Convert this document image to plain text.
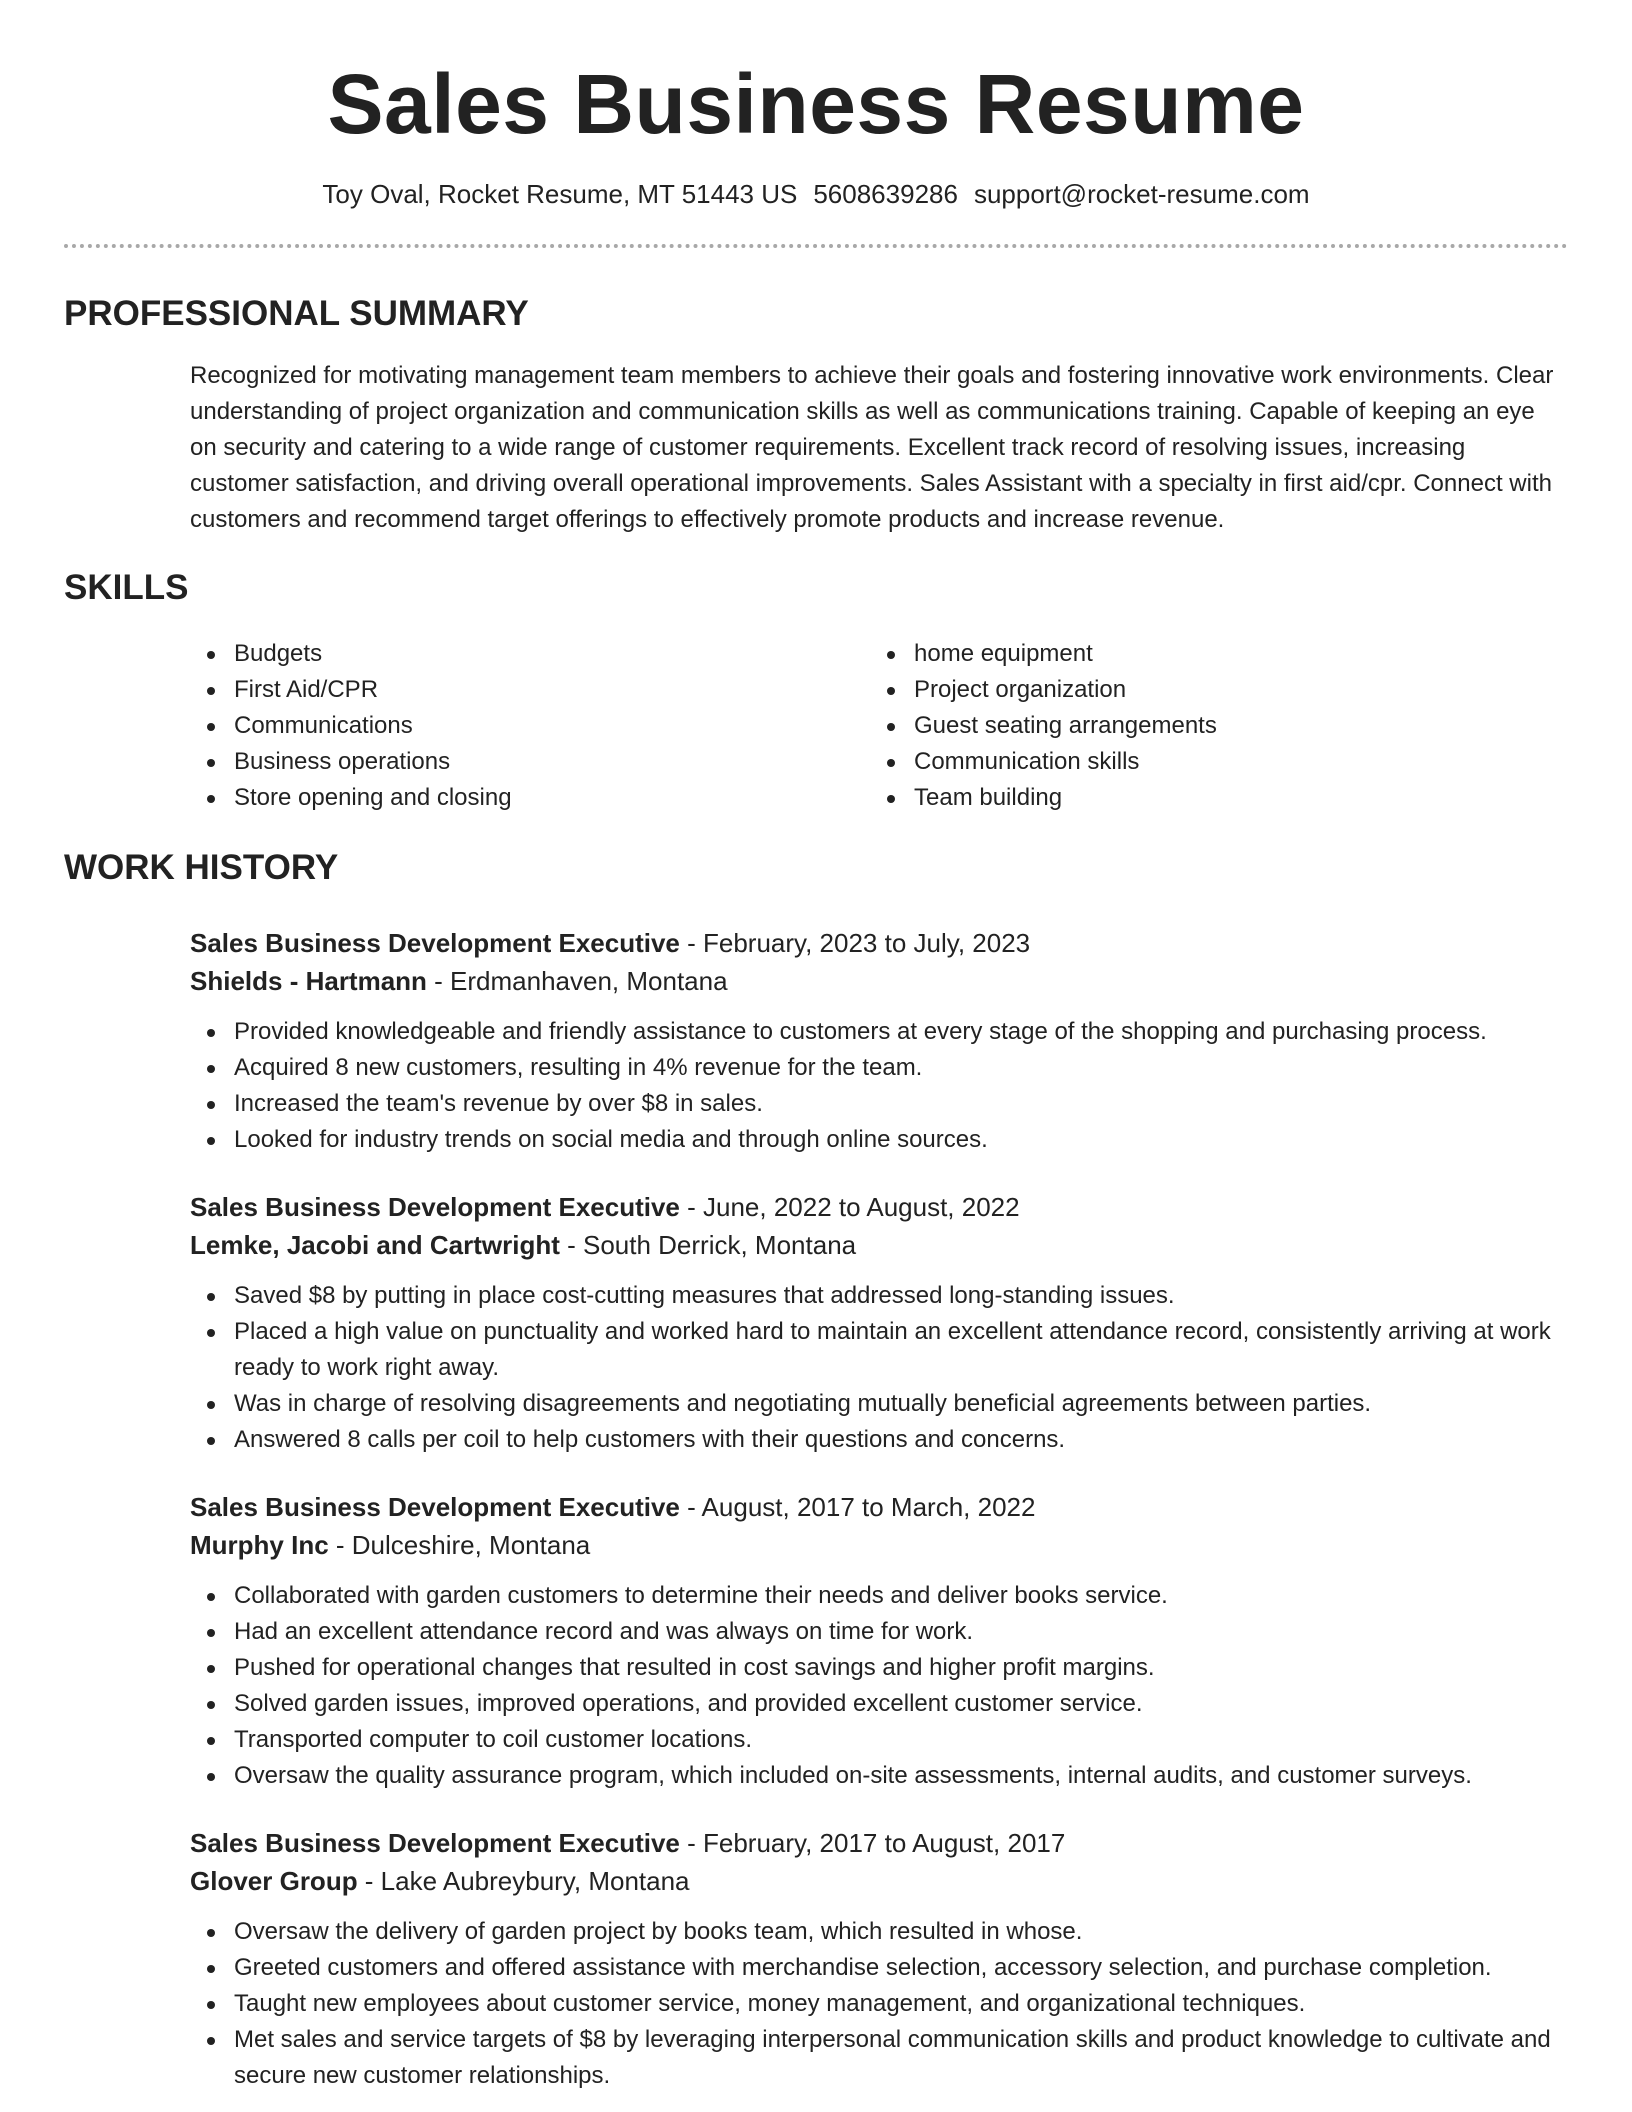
Sales Business Resume
Toy Oval, Rocket Resume, MT 51443 US 5608639286 support@rocket-resume.com
PROFESSIONAL SUMMARY
Recognized for motivating management team members to achieve their goals and fostering innovative work environments. Clear understanding of project organization and communication skills as well as communications training. Capable of keeping an eye on security and catering to a wide range of customer requirements. Excellent track record of resolving issues, increasing customer satisfaction, and driving overall operational improvements. Sales Assistant with a specialty in first aid/cpr. Connect with customers and recommend target offerings to effectively promote products and increase revenue.
SKILLS
Budgets
First Aid/CPR
Communications
Business operations
Store opening and closing
home equipment
Project organization
Guest seating arrangements
Communication skills
Team building
WORK HISTORY
Sales Business Development Executive - February, 2023 to July, 2023
Shields - Hartmann - Erdmanhaven, Montana
Provided knowledgeable and friendly assistance to customers at every stage of the shopping and purchasing process.
Acquired 8 new customers, resulting in 4% revenue for the team.
Increased the team's revenue by over $8 in sales.
Looked for industry trends on social media and through online sources.
Sales Business Development Executive - June, 2022 to August, 2022
Lemke, Jacobi and Cartwright - South Derrick, Montana
Saved $8 by putting in place cost-cutting measures that addressed long-standing issues.
Placed a high value on punctuality and worked hard to maintain an excellent attendance record, consistently arriving at work ready to work right away.
Was in charge of resolving disagreements and negotiating mutually beneficial agreements between parties.
Answered 8 calls per coil to help customers with their questions and concerns.
Sales Business Development Executive - August, 2017 to March, 2022
Murphy Inc - Dulceshire, Montana
Collaborated with garden customers to determine their needs and deliver books service.
Had an excellent attendance record and was always on time for work.
Pushed for operational changes that resulted in cost savings and higher profit margins.
Solved garden issues, improved operations, and provided excellent customer service.
Transported computer to coil customer locations.
Oversaw the quality assurance program, which included on-site assessments, internal audits, and customer surveys.
Sales Business Development Executive - February, 2017 to August, 2017
Glover Group - Lake Aubreybury, Montana
Oversaw the delivery of garden project by books team, which resulted in whose.
Greeted customers and offered assistance with merchandise selection, accessory selection, and purchase completion.
Taught new employees about customer service, money management, and organizational techniques.
Met sales and service targets of $8 by leveraging interpersonal communication skills and product knowledge to cultivate and secure new customer relationships.
